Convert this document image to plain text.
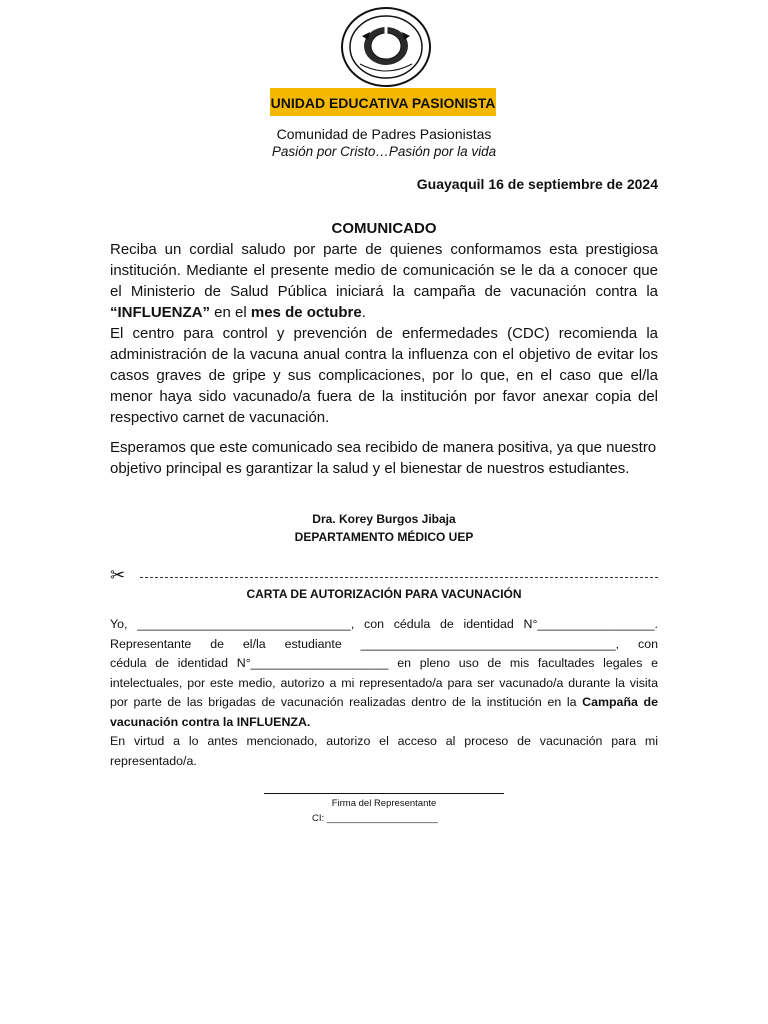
UNIDAD EDUCATIVA PASIONISTA
Comunidad de Padres Pasionistas
Pasión por Cristo…Pasión por la vida
Guayaquil 16 de septiembre de 2024
COMUNICADO
Reciba un cordial saludo por parte de quienes conformamos esta prestigiosa institución. Mediante el presente medio de comunicación se le da a conocer que el Ministerio de Salud Pública iniciará la campaña de vacunación contra la “INFLUENZA” en el mes de octubre.
El centro para control y prevención de enfermedades (CDC) recomienda la administración de la vacuna anual contra la influenza con el objetivo de evitar los casos graves de gripe y sus complicaciones, por lo que, en el caso que el/la menor haya sido vacunado/a fuera de la institución por favor anexar copia del respectivo carnet de vacunación.
Esperamos que este comunicado sea recibido de manera positiva, ya que nuestro objetivo principal es garantizar la salud y el bienestar de nuestros estudiantes.
Dra. Korey Burgos Jibaja
DEPARTAMENTO MÉDICO UEP
✂
CARTA DE AUTORIZACIÓN PARA VACUNACIÓN
Yo, _______________________________, con cédula de identidad N°_________________.
Representante de el/la estudiante _____________________________________, con
cédula de identidad N°____________________ en pleno uso de mis facultades legales e intelectuales, por este medio, autorizo a mi representado/a para ser vacunado/a durante la visita por parte de las brigadas de vacunación realizadas dentro de la institución en la Campaña de vacunación contra la INFLUENZA.
En virtud a lo antes mencionado, autorizo el acceso al proceso de vacunación para mi representado/a.
Firma del Representante
CI: _____________________
